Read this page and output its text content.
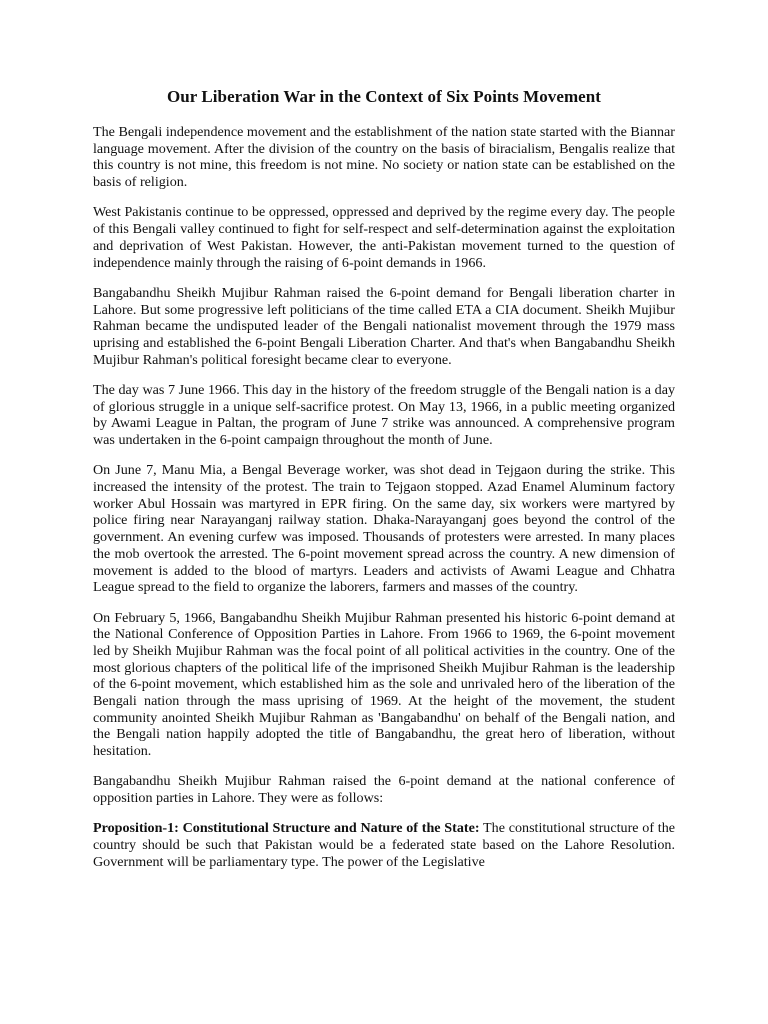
Our Liberation War in the Context of Six Points Movement

The Bengali independence movement and the establishment of the nation state started with the Biannar language movement. After the division of the country on the basis of biracialism, Bengalis realize that this country is not mine, this freedom is not mine. No society or nation state can be established on the basis of religion.

West Pakistanis continue to be oppressed, oppressed and deprived by the regime every day. The people of this Bengali valley continued to fight for self-respect and self-determination against the exploitation and deprivation of West Pakistan. However, the anti-Pakistan movement turned to the question of independence mainly through the raising of 6-point demands in 1966.

Bangabandhu Sheikh Mujibur Rahman raised the 6-point demand for Bengali liberation charter in Lahore. But some progressive left politicians of the time called ETA a CIA document. Sheikh Mujibur Rahman became the undisputed leader of the Bengali nationalist movement through the 1979 mass uprising and established the 6-point Bengali Liberation Charter. And that's when Bangabandhu Sheikh Mujibur Rahman's political foresight became clear to everyone.

The day was 7 June 1966. This day in the history of the freedom struggle of the Bengali nation is a day of glorious struggle in a unique self-sacrifice protest. On May 13, 1966, in a public meeting organized by Awami League in Paltan, the program of June 7 strike was announced. A comprehensive program was undertaken in the 6-point campaign throughout the month of June.

On June 7, Manu Mia, a Bengal Beverage worker, was shot dead in Tejgaon during the strike. This increased the intensity of the protest. The train to Tejgaon stopped. Azad Enamel Aluminum factory worker Abul Hossain was martyred in EPR firing. On the same day, six workers were martyred by police firing near Narayanganj railway station. Dhaka-Narayanganj goes beyond the control of the government. An evening curfew was imposed. Thousands of protesters were arrested. In many places the mob overtook the arrested. The 6-point movement spread across the country. A new dimension of movement is added to the blood of martyrs. Leaders and activists of Awami League and Chhatra League spread to the field to organize the laborers, farmers and masses of the country.

On February 5, 1966, Bangabandhu Sheikh Mujibur Rahman presented his historic 6-point demand at the National Conference of Opposition Parties in Lahore. From 1966 to 1969, the 6-point movement led by Sheikh Mujibur Rahman was the focal point of all political activities in the country. One of the most glorious chapters of the political life of the imprisoned Sheikh Mujibur Rahman is the leadership of the 6-point movement, which established him as the sole and unrivaled hero of the liberation of the Bengali nation through the mass uprising of 1969. At the height of the movement, the student community anointed Sheikh Mujibur Rahman as 'Bangabandhu' on behalf of the Bengali nation, and the Bengali nation happily adopted the title of Bangabandhu, the great hero of liberation, without hesitation.

Bangabandhu Sheikh Mujibur Rahman raised the 6-point demand at the national conference of opposition parties in Lahore. They were as follows:

Proposition-1: Constitutional Structure and Nature of the State: The constitutional structure of the country should be such that Pakistan would be a federated state based on the Lahore Resolution. Government will be parliamentary type. The power of the Legislative
